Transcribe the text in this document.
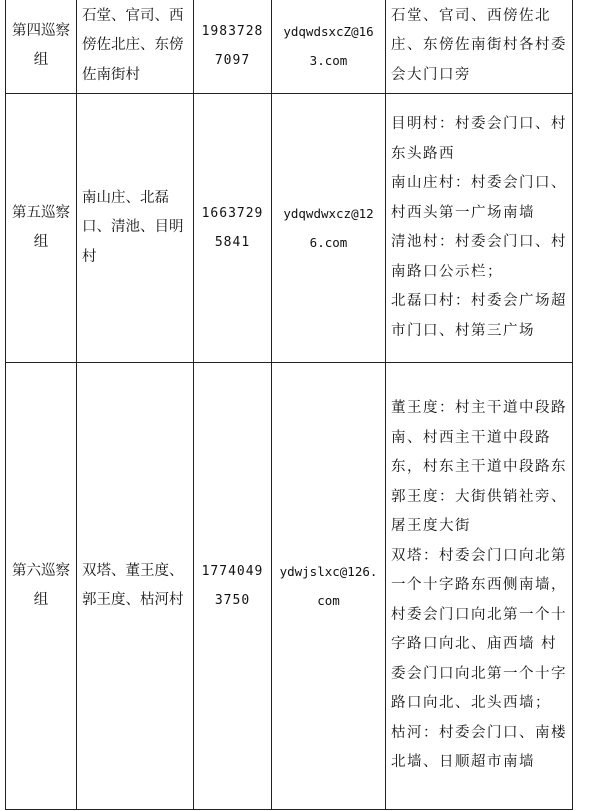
第四巡察组	石堂、官司、西傍佐北庄、东傍佐南街村	19837287097	ydqwdsxcZ@163.com	石堂、官司、西傍佐北庄、东傍佐南街村各村委会大门口旁

第五巡察组	南山庄、北磊口、清池、目明村	16637295841	ydqwdwxcz@126.com	目明村：村委会门口、村东头路西
南山庄村：村委会门口、村西头第一广场南墙
清池村：村委会门口、村南路口公示栏；
北磊口村：村委会广场超市门口、村第三广场

第六巡察组	双塔、董王度、郭王度、枯河村	17740493750	ydwjslxc@126.com	董王度：村主干道中段路南、村西主干道中段路东，村东主干道中段路东
郭王度：大街供销社旁、屠王度大街
双塔：村委会门口向北第一个十字路东西侧南墙，村委会门口向北第一个十字路口向北、庙西墙 村委会门口向北第一个十字路口向北、北头西墙；
枯河：村委会门口、南楼北墙、日顺超市南墙
